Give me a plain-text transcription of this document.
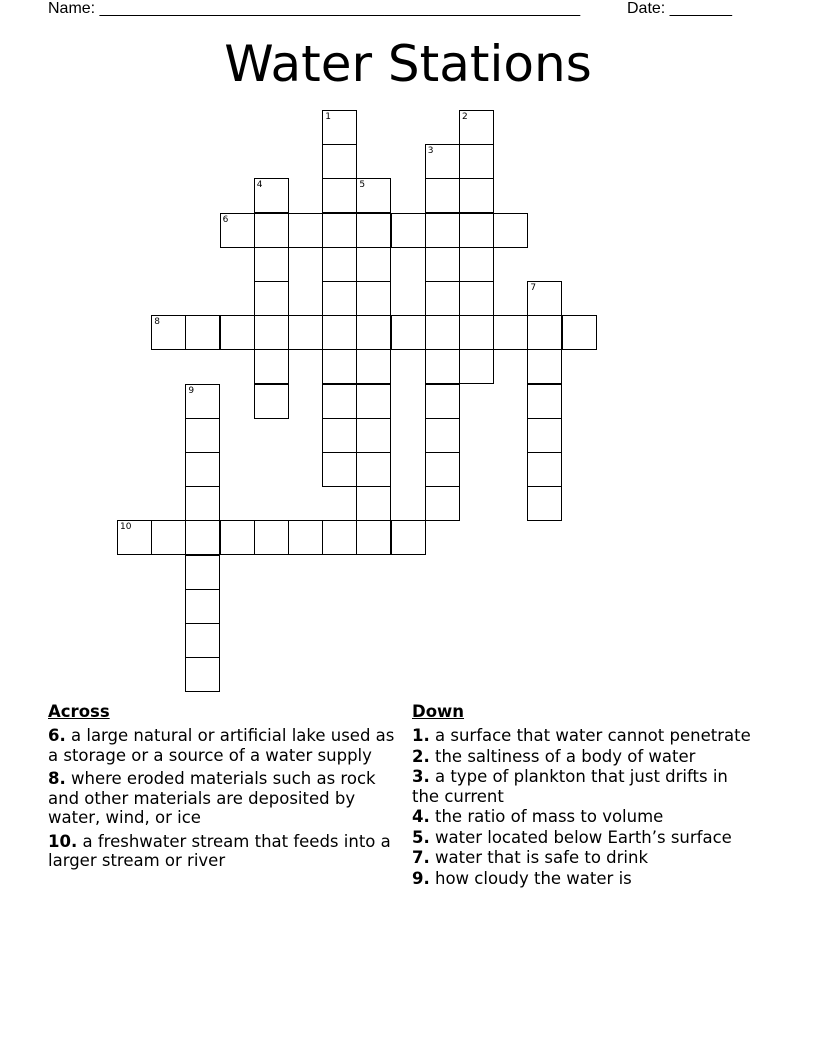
Name: ______________________________________________________	Date: _______
Water Stations
1	2
3
4	5
6
7
8
9
10
Across
6. a large natural or artificial lake used as a storage or a source of a water supply
8. where eroded materials such as rock and other materials are deposited by water, wind, or ice
10. a freshwater stream that feeds into a larger stream or river
Down
1. a surface that water cannot penetrate
2. the saltiness of a body of water
3. a type of plankton that just drifts in the current
4. the ratio of mass to volume
5. water located below Earth’s surface
7. water that is safe to drink
9. how cloudy the water is
